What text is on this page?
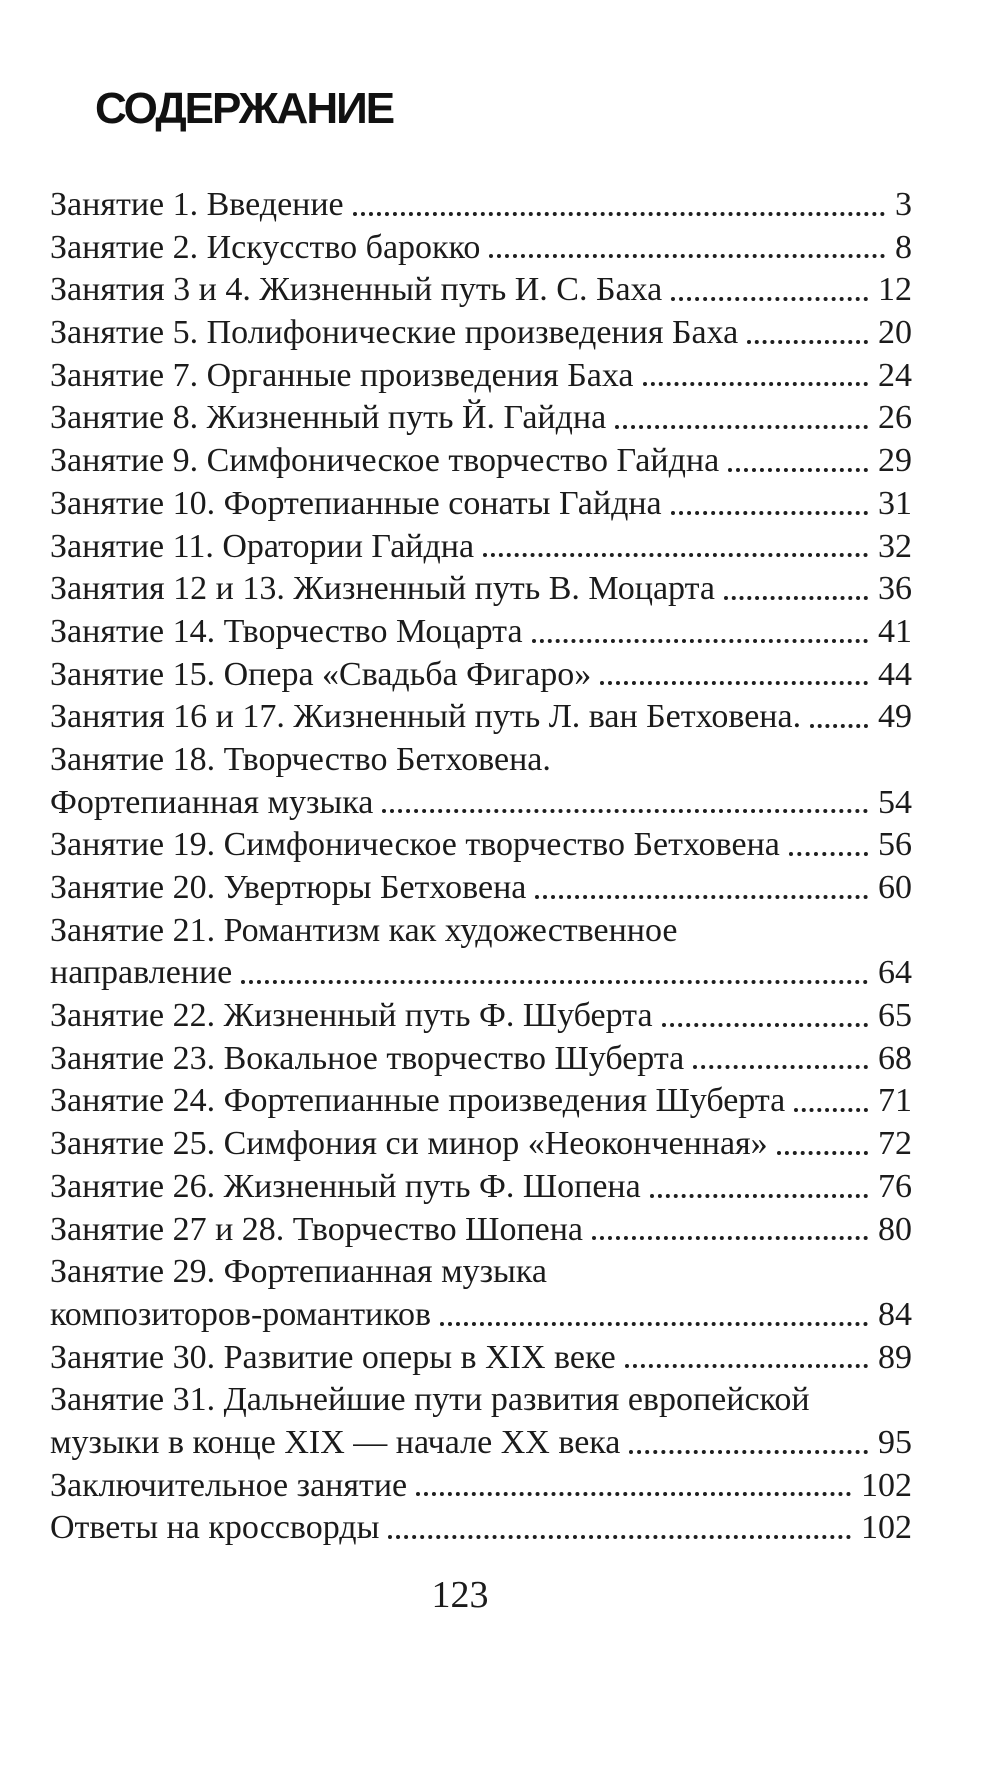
СОДЕРЖАНИЕ
Занятие 1. Введение	3
Занятие 2. Искусство барокко	8
Занятия 3 и 4. Жизненный путь И. С. Баха	12
Занятие 5. Полифонические произведения Баха	20
Занятие 7. Органные произведения Баха	24
Занятие 8. Жизненный путь Й. Гайдна	26
Занятие 9. Симфоническое творчество Гайдна	29
Занятие 10. Фортепианные сонаты Гайдна	31
Занятие 11. Оратории Гайдна	32
Занятия 12 и 13. Жизненный путь В. Моцарта	36
Занятие 14. Творчество Моцарта	41
Занятие 15. Опера «Свадьба Фигаро»	44
Занятия 16 и 17. Жизненный путь Л. ван Бетховена. 49
Занятие 18. Творчество Бетховена.
Фортепианная музыка	54
Занятие 19. Симфоническое творчество Бетховена	56
Занятие 20. Увертюры Бетховена	60
Занятие 21. Романтизм как художественное
направление	64
Занятие 22. Жизненный путь Ф. Шуберта	65
Занятие 23. Вокальное творчество Шуберта	68
Занятие 24. Фортепианные произведения Шуберта	71
Занятие 25. Симфония си минор «Неоконченная»	72
Занятие 26. Жизненный путь Ф. Шопена	76
Занятие 27 и 28. Творчество Шопена	80
Занятие 29. Фортепианная музыка
композиторов-романтиков	84
Занятие 30. Развитие оперы в XIX веке	89
Занятие 31. Дальнейшие пути развития европейской
музыки в конце XIX — начале XX века	95
Заключительное занятие	102
Ответы на кроссворды	102
123
